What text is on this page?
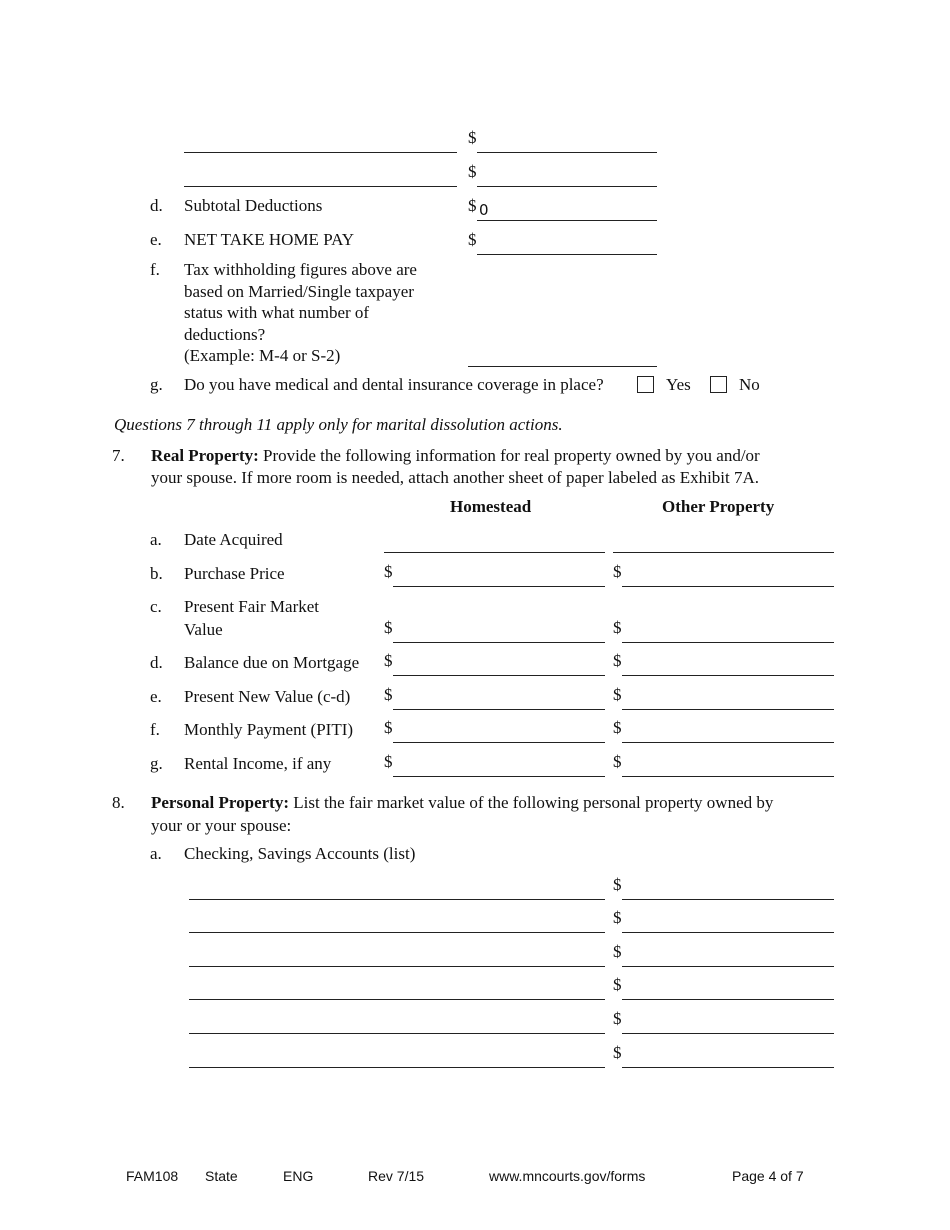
$
$
d. Subtotal Deductions	$
0
e. NET TAKE HOME PAY	$
f. Tax withholding figures above are
based on Married/Single taxpayer
status with what number of
deductions?
(Example: M-4 or S-2)
g. Do you have medical and dental insurance coverage in place?	Yes	No
Questions 7 through 11 apply only for marital dissolution actions.
7. Real Property: Provide the following information for real property owned by you and/or
your spouse. If more room is needed, attach another sheet of paper labeled as Exhibit 7A.
Homestead	Other Property
a. Date Acquired
b. Purchase Price	$	$
c. Present Fair Market
Value	$	$
d. Balance due on Mortgage $	$
e. Present New Value (c-d) $	$
f. Monthly Payment (PITI) $	$
g. Rental Income, if any	$	$
8. Personal Property: List the fair market value of the following personal property owned by
your or your spouse:
a. Checking, Savings Accounts (list)
$
$
$
$
$
$
FAM108 State	ENG	Rev 7/15	www.mncourts.gov/forms	Page 4 of 7
